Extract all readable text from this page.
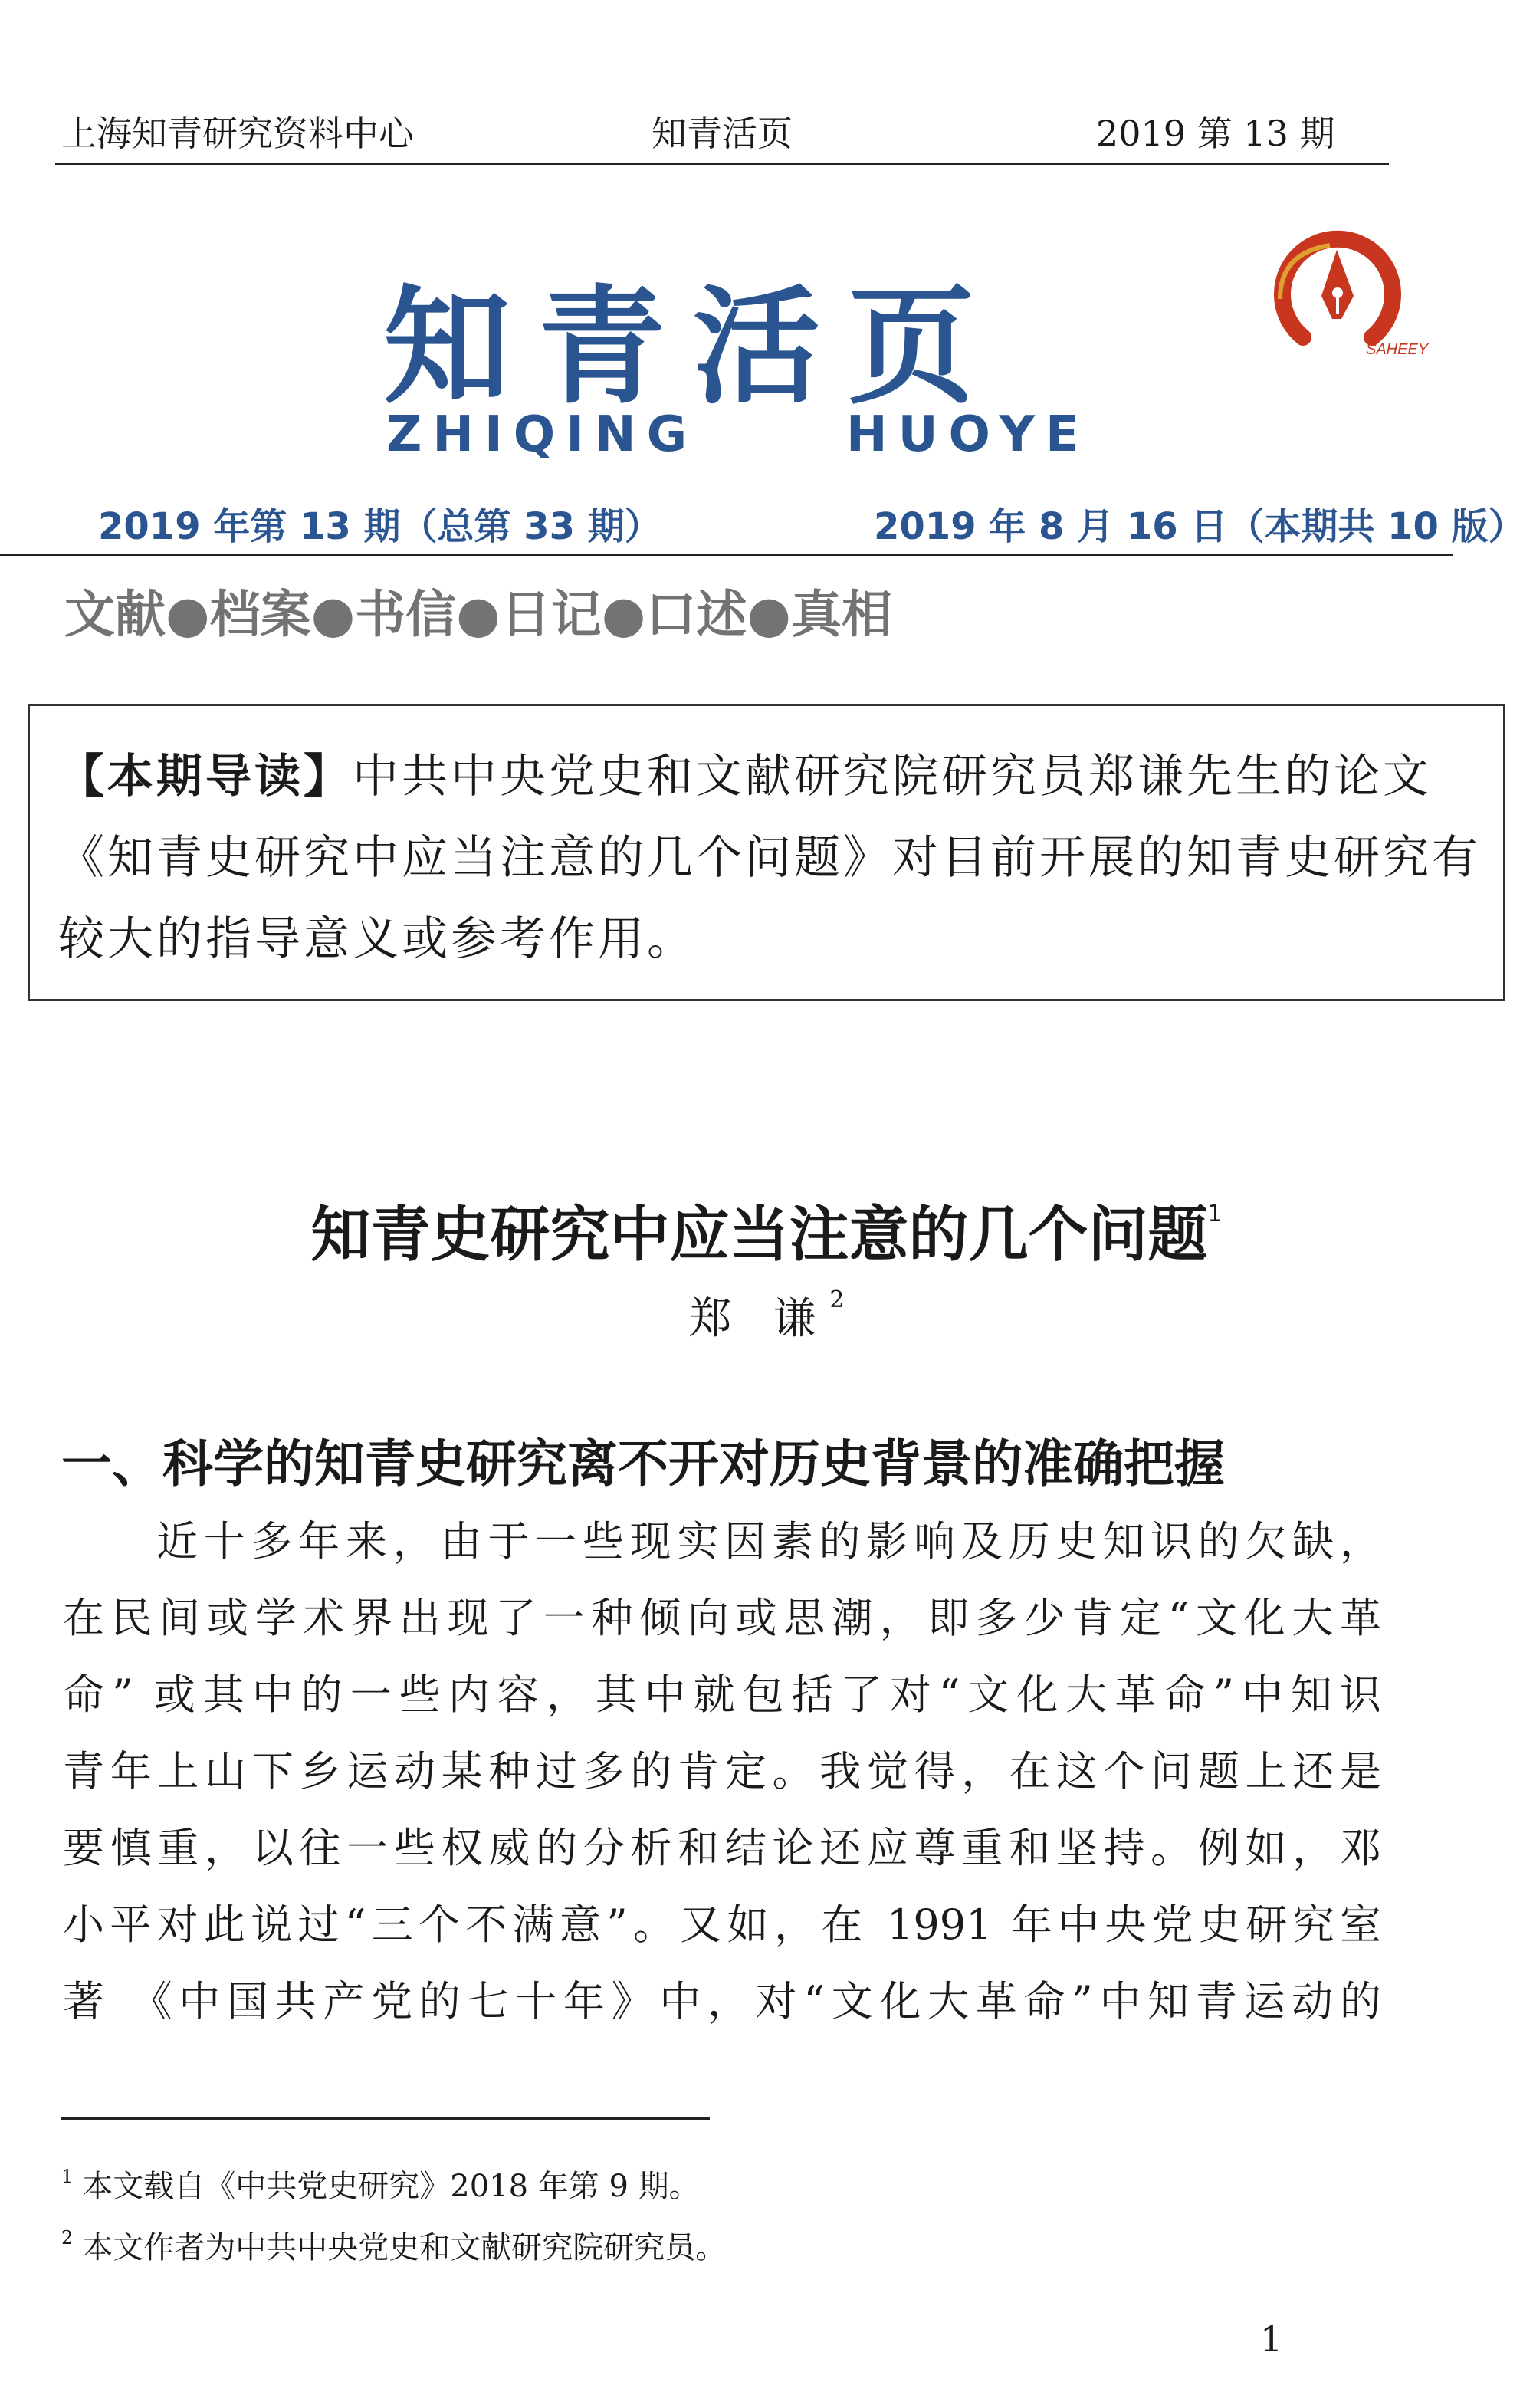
上海知青研究资料中心	知青活页	2019 第 13 期
知青活页
ZHIQING	HUOYE
SAHEEY
2019 年第 13 期（总第 33 期）	2019 年 8 月 16 日（本期共 10 版）
文献●档案●书信●日记●口述●真相
【本期导读】中共中央党史和文献研究院研究员郑谦先生的论文《知青史研究中应当注意的几个问题》对目前开展的知青史研究有较大的指导意义或参考作用。
知青史研究中应当注意的几个问题$^1$
郑 谦$^2$
一、科学的知青史研究离不开对历史背景的准确把握
近十多年来，由于一些现实因素的影响及历史知识的欠缺，
在民间或学术界出现了一种倾向或思潮，即多少肯定“文化大革
命” 或其中的一些内容，其中就包括了对“文化大革命”中知识
青年上山下乡运动某种过多的肯定。我觉得，在这个问题上还是
要慎重，以往一些权威的分析和结论还应尊重和坚持。例如，邓
小平对此说过“三个不满意”。又如，在 1991 年中央党史研究室
著 《中国共产党的七十年》中，对“文化大革命”中知青运动的
$^1$ 本文载自《中共党史研究》2018 年第 9 期。
$^2$ 本文作者为中共中央党史和文献研究院研究员。
1
